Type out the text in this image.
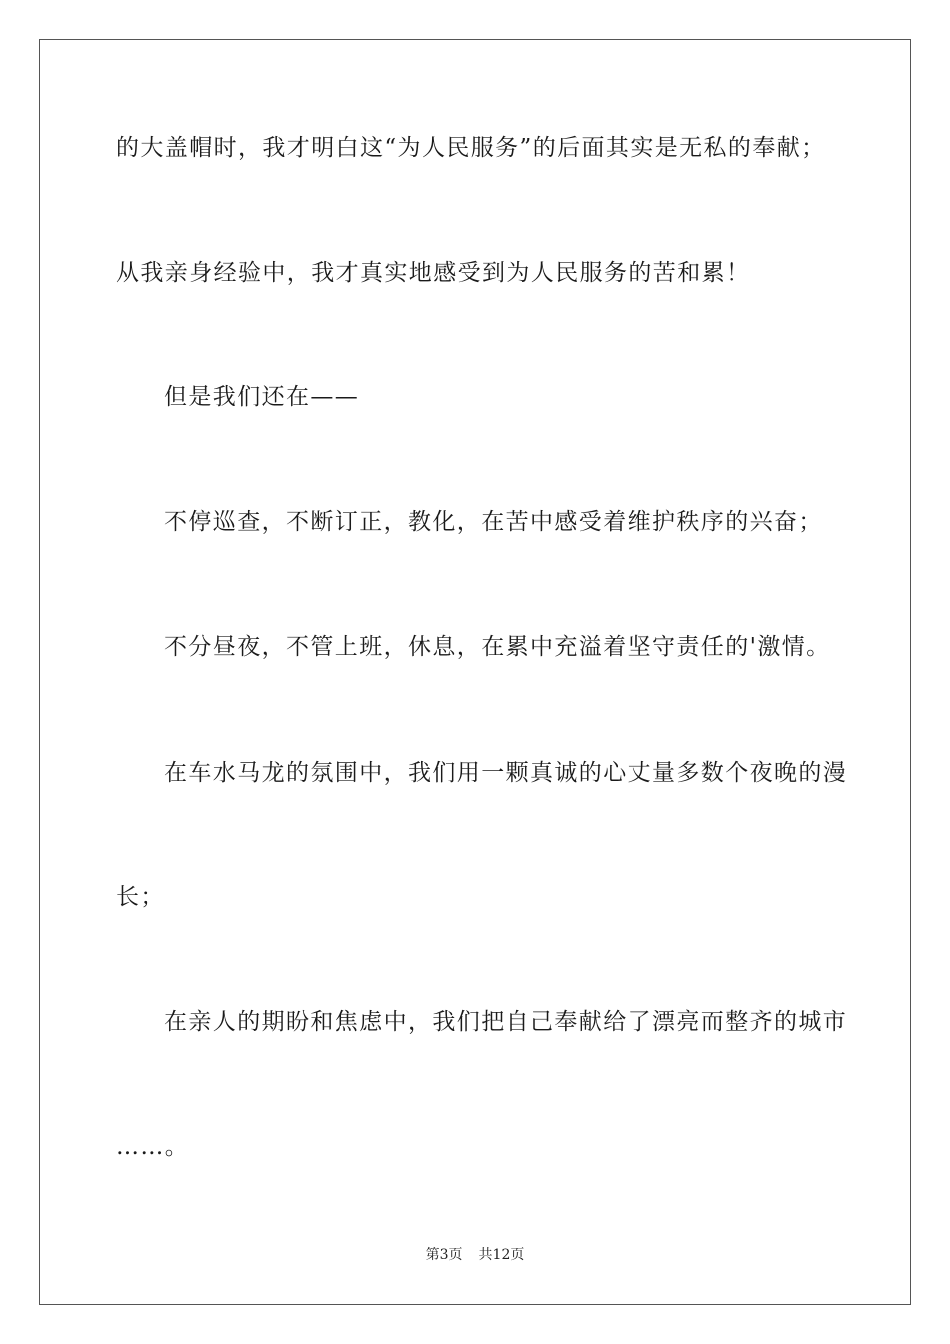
的大盖帽时，我才明白这“为人民服务”的后面其实是无私的奉献；
从我亲身经验中，我才真实地感受到为人民服务的苦和累！
但是我们还在——
不停巡查，不断订正，教化，在苦中感受着维护秩序的兴奋；
不分昼夜，不管上班，休息，在累中充溢着坚守责任的'激情。
在车水马龙的氛围中，我们用一颗真诚的心丈量多数个夜晚的漫
长；
在亲人的期盼和焦虑中，我们把自己奉献给了漂亮而整齐的城市
……。
第3页 共12页
